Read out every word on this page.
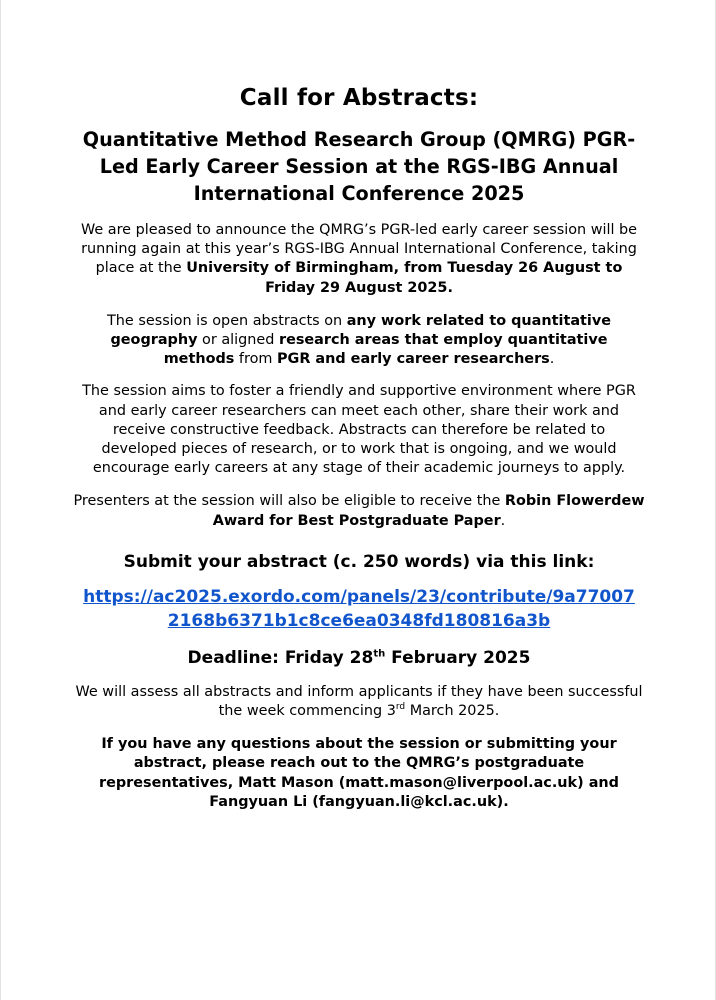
Call for Abstracts:
Quantitative Method Research Group (QMRG) PGR-Led Early Career Session at the RGS-IBG Annual International Conference 2025

We are pleased to announce the QMRG’s PGR-led early career session will be running again at this year’s RGS-IBG Annual International Conference, taking place at the University of Birmingham, from Tuesday 26 August to Friday 29 August 2025.

The session is open abstracts on any work related to quantitative geography or aligned research areas that employ quantitative methods from PGR and early career researchers.

The session aims to foster a friendly and supportive environment where PGR and early career researchers can meet each other, share their work and receive constructive feedback. Abstracts can therefore be related to developed pieces of research, or to work that is ongoing, and we would encourage early careers at any stage of their academic journeys to apply.

Presenters at the session will also be eligible to receive the Robin Flowerdew Award for Best Postgraduate Paper.

Submit your abstract (c. 250 words) via this link:
https://ac2025.exordo.com/panels/23/contribute/9a770072168b6371b1c8ce6ea0348fd180816a3b
Deadline: Friday 28th February 2025

We will assess all abstracts and inform applicants if they have been successful the week commencing 3rd March 2025.

If you have any questions about the session or submitting your abstract, please reach out to the QMRG’s postgraduate representatives, Matt Mason (matt.mason@liverpool.ac.uk) and Fangyuan Li (fangyuan.li@kcl.ac.uk).
